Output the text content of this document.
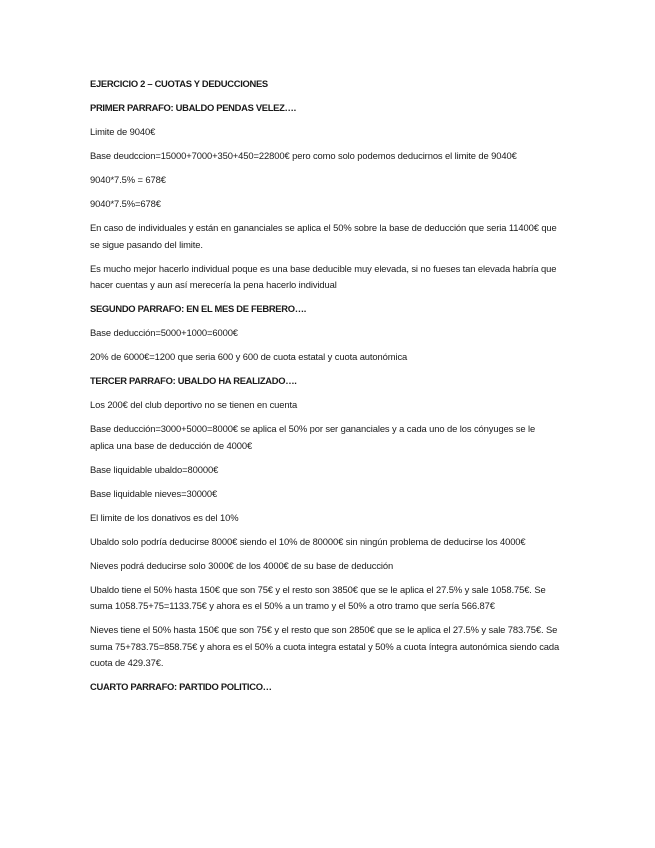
EJERCICIO 2 – CUOTAS Y DEDUCCIONES

PRIMER PARRAFO: UBALDO PENDAS VELEZ….

Limite de 9040€

Base deudccion=15000+7000+350+450=22800€ pero como solo podemos deducirnos el limite de 9040€

9040*7.5% = 678€

9040*7.5%=678€

En caso de individuales y están en gananciales se aplica el 50% sobre la base de deducción que seria 11400€ que se sigue pasando del limite.

Es mucho mejor hacerlo individual poque es una base deducible muy elevada, si no fueses tan elevada habría que hacer cuentas y aun así merecería la pena hacerlo individual

SEGUNDO PARRAFO: EN EL MES DE FEBRERO….

Base deducción=5000+1000=6000€

20% de 6000€=1200 que seria 600 y 600 de cuota estatal y cuota autonómica

TERCER PARRAFO: UBALDO HA REALIZADO….

Los 200€ del club deportivo no se tienen en cuenta

Base deducción=3000+5000=8000€ se aplica el 50% por ser gananciales y a cada uno de los cónyuges se le aplica una base de deducción de 4000€

Base liquidable ubaldo=80000€

Base liquidable nieves=30000€

El limite de los donativos es del 10%

Ubaldo solo podría deducirse 8000€ siendo el 10% de 80000€ sin ningún problema de deducirse los 4000€

Nieves podrá deducirse solo 3000€ de los 4000€ de su base de deducción

Ubaldo tiene el 50% hasta 150€ que son 75€ y el resto son 3850€ que se le aplica el 27.5% y sale 1058.75€. Se suma 1058.75+75=1133.75€ y ahora es el 50% a un tramo y el 50% a otro tramo que sería 566.87€

Nieves tiene el 50% hasta 150€ que son 75€ y el resto que son 2850€ que se le aplica el 27.5% y sale 783.75€. Se suma 75+783.75=858.75€ y ahora es el 50% a cuota integra estatal y 50% a cuota íntegra autonómica siendo cada cuota de 429.37€.

CUARTO PARRAFO: PARTIDO POLITICO…
